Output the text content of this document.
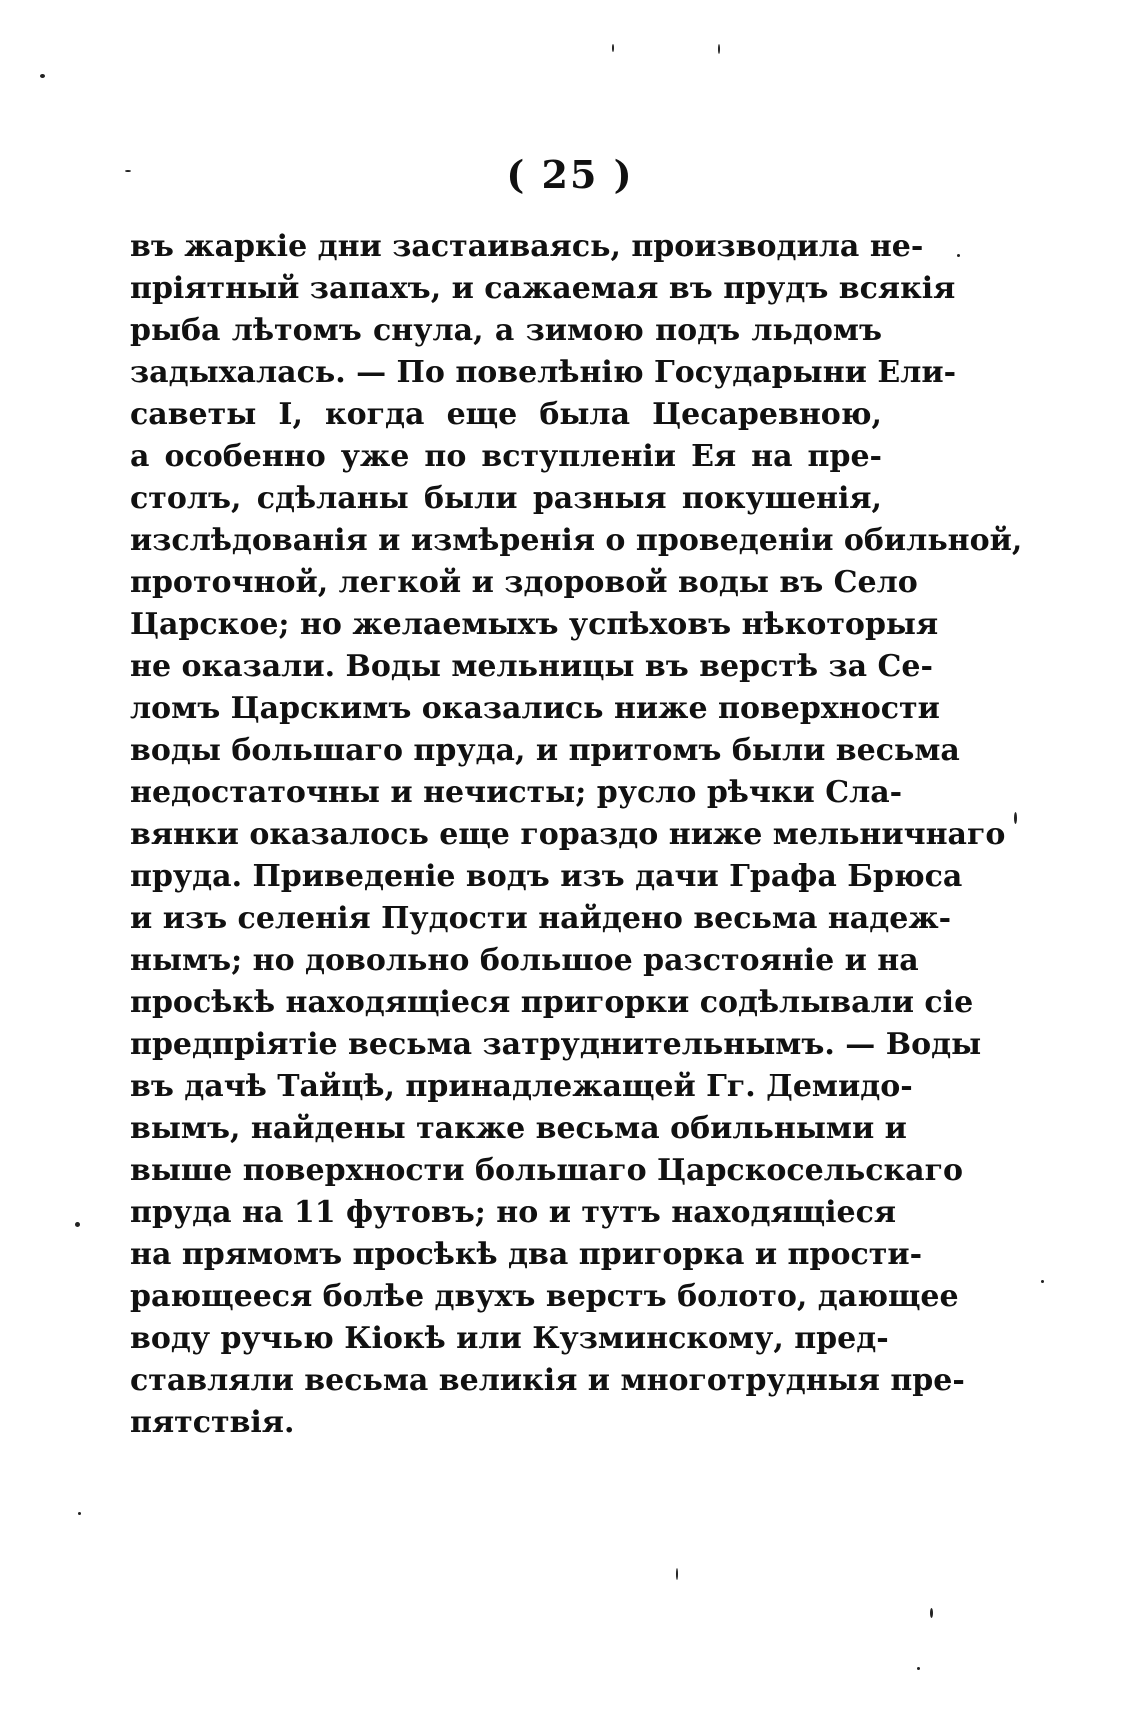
( 25 )
въ жаркіе дни застаиваясь, производила не-
пріятный запахъ, и сажаемая въ прудъ всякія
рыба лѣтомъ снула, а зимою подъ льдомъ
задыхалась. — По повелѣнію Государыни Ели-
саветы I, когда еще была Цесаревною,
а особенно уже по вступленіи Ея на пре-
столъ, сдѣланы были разныя покушенія,
изслѣдованія и измѣренія о проведеніи обильной,
проточной, легкой и здоровой воды въ Село
Царское; но желаемыхъ успѣховъ нѣкоторыя
не оказали. Воды мельницы въ верстѣ за Се-
ломъ Царскимъ оказались ниже поверхности
воды большаго пруда, и притомъ были весьма
недостаточны и нечисты; русло рѣчки Сла-
вянки оказалось еще гораздо ниже мельничнаго
пруда. Приведеніе водъ изъ дачи Графа Брюса
и изъ селенія Пудости найдено весьма надеж-
нымъ; но довольно большое разстояніе и на
просѣкѣ находящіеся пригорки содѣлывали сіе
предпріятіе весьма затруднительнымъ. — Воды
въ дачѣ Тайцѣ, принадлежащей Гг. Демидо-
вымъ, найдены также весьма обильными и
выше поверхности большаго Царскосельскаго
пруда на 11 футовъ; но и тутъ находящіеся
на прямомъ просѣкѣ два пригорка и прости-
рающееся болѣе двухъ верстъ болото, дающее
воду ручью Кіокѣ или Кузминскому, пред-
ставляли весьма великія и многотрудныя пре-
пятствія.
